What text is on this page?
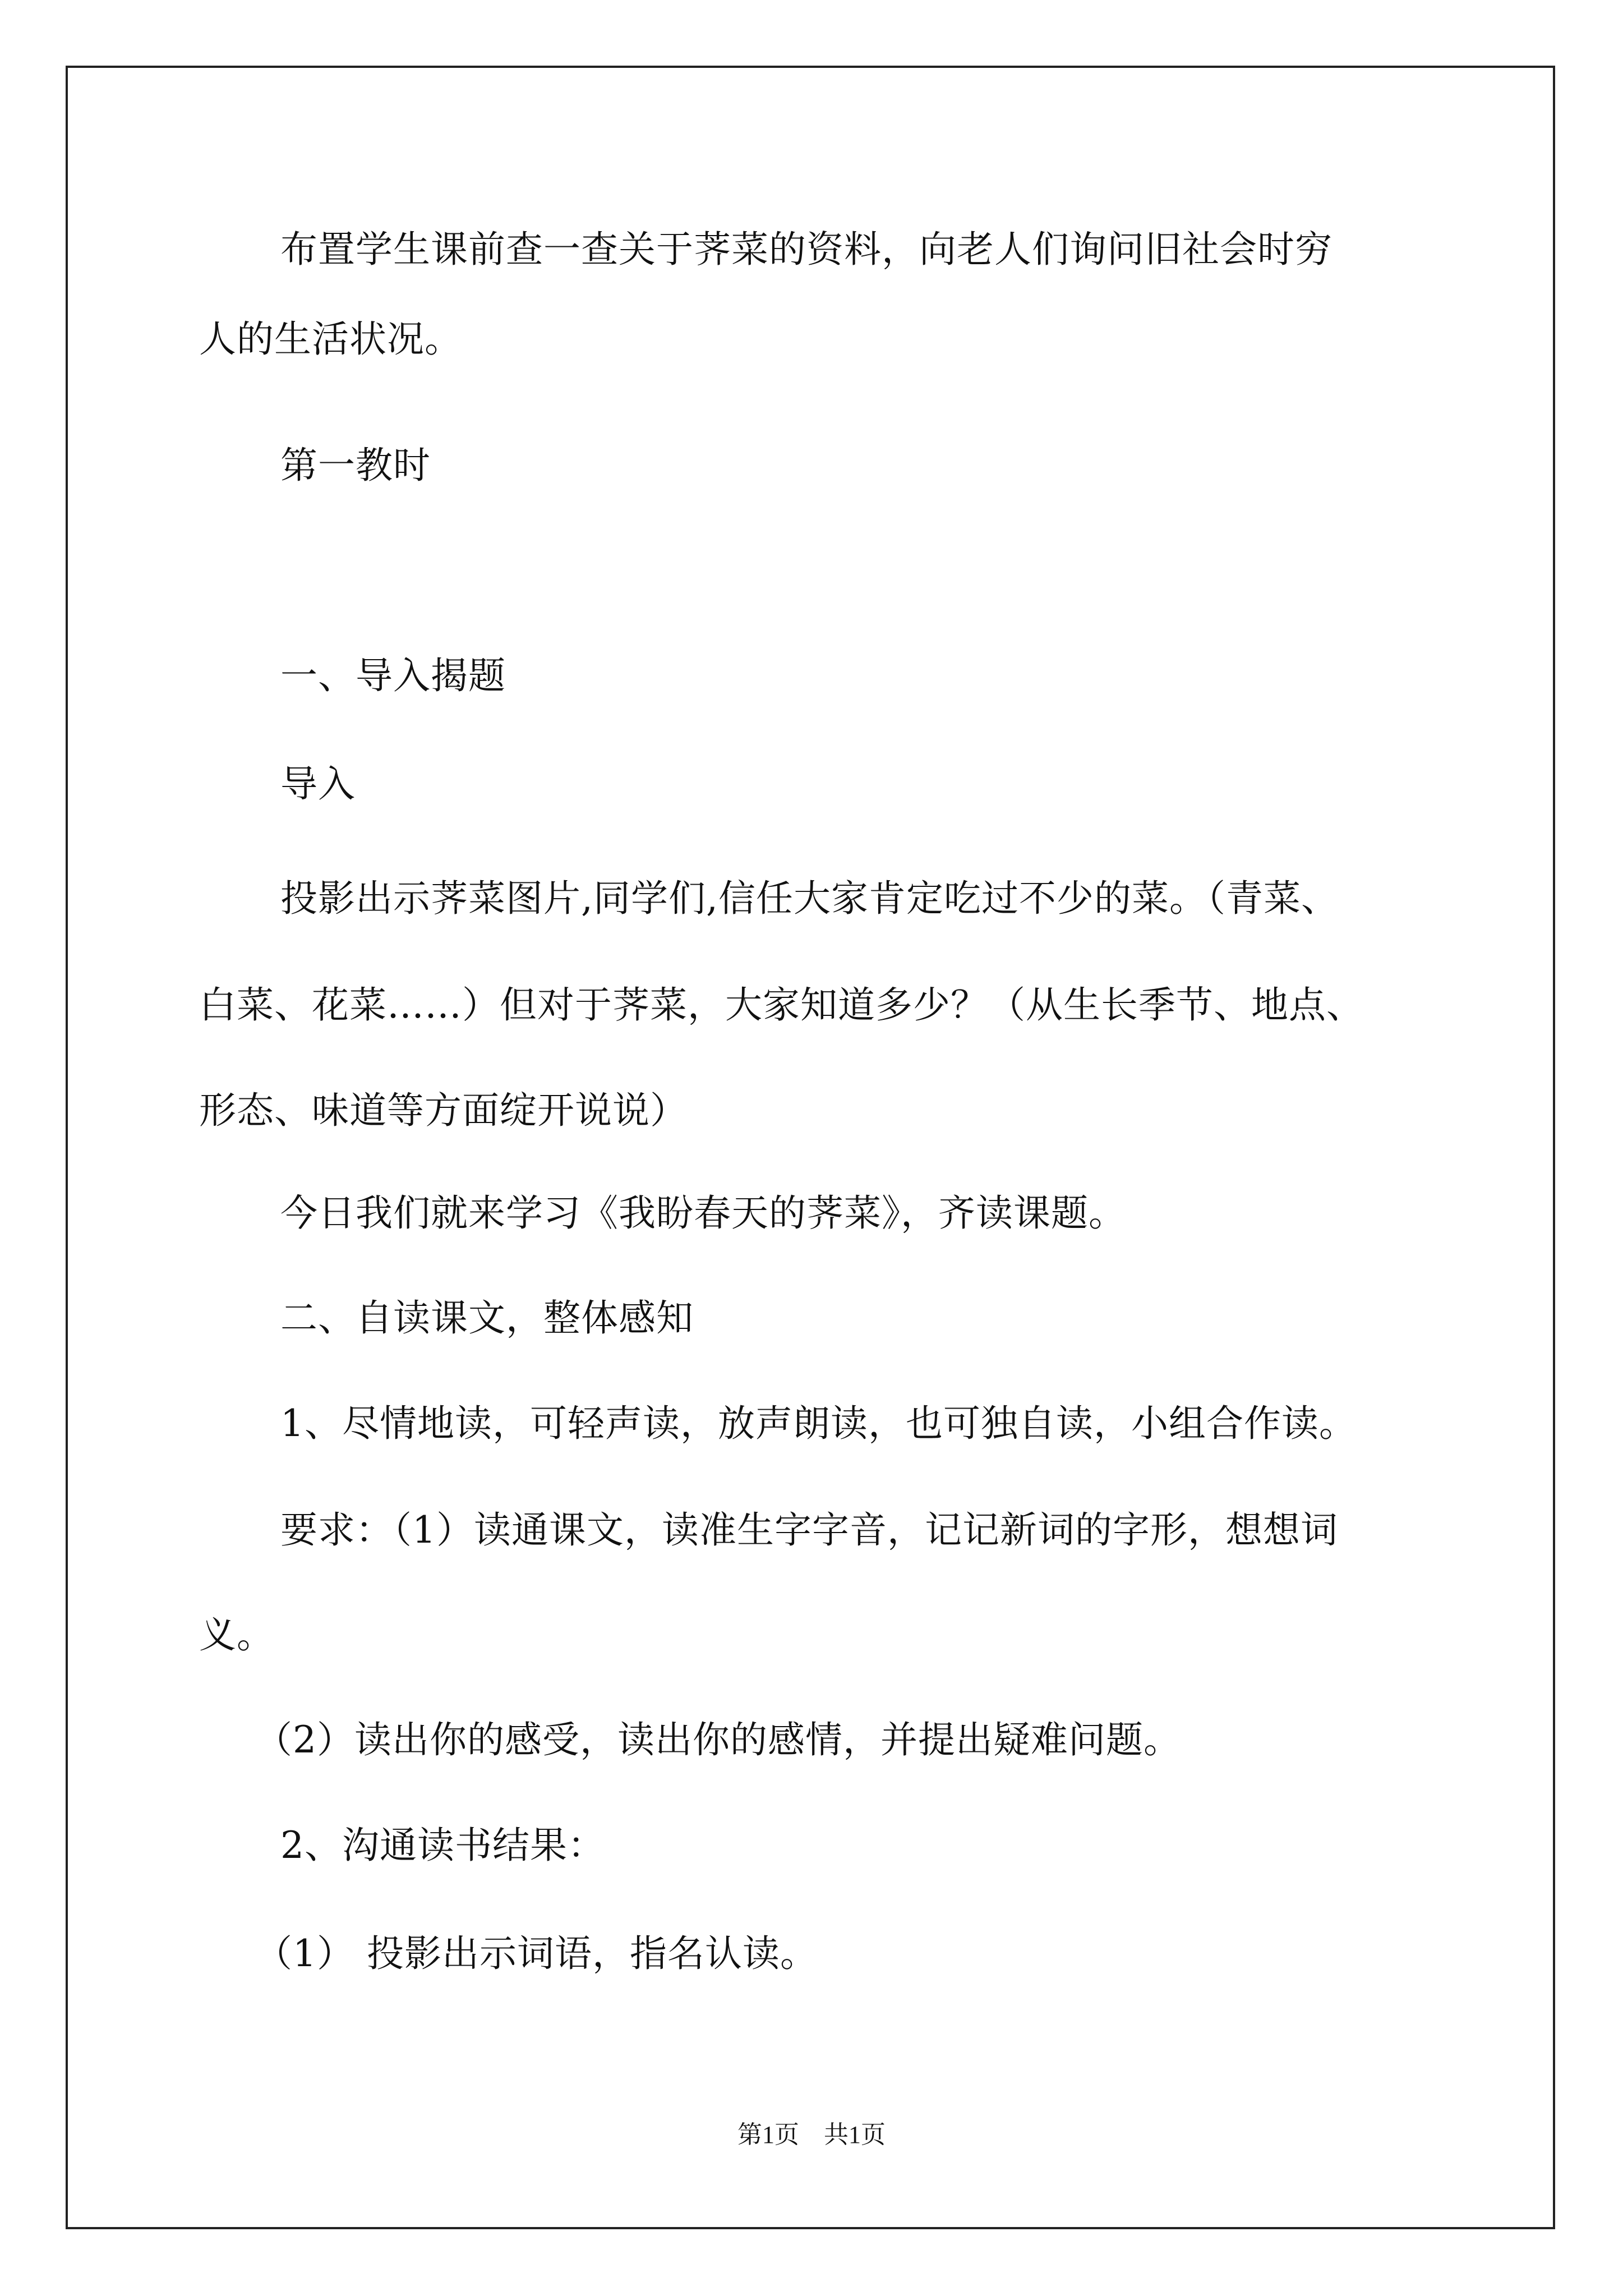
布置学生课前查一查关于荠菜的资料，向老人们询问旧社会时穷
人的生活状况。
第一教时
一、导入揭题
导入
投影出示荠菜图片,同学们,信任大家肯定吃过不少的菜。（青菜、
白菜、花菜……）但对于荠菜，大家知道多少？（从生长季节、地点、
形态、味道等方面绽开说说）
今日我们就来学习《我盼春天的荠菜》，齐读课题。
二、自读课文，整体感知
1、尽情地读，可轻声读，放声朗读，也可独自读，小组合作读。
要求：（1）读通课文，读准生字字音，记记新词的字形，想想词
义。
（2）读出你的感受，读出你的感情，并提出疑难问题。
2、沟通读书结果：
（1） 投影出示词语，指名认读。
第1页　共1页
